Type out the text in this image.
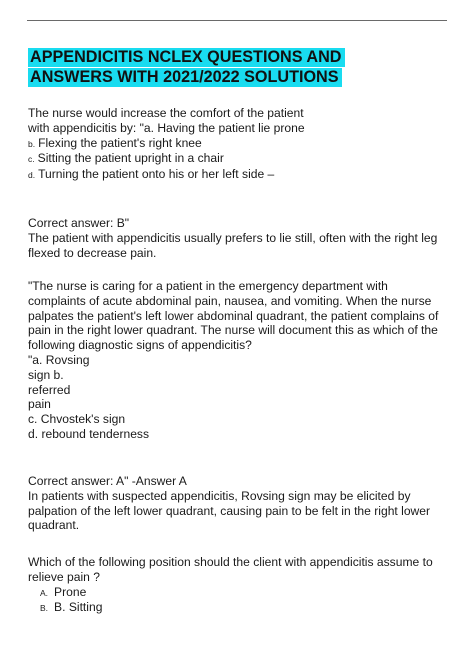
APPENDICITIS NCLEX QUESTIONS AND
ANSWERS WITH 2021/2022 SOLUTIONS
The nurse would increase the comfort of the patient
with appendicitis by: "a. Having the patient lie prone
b. Flexing the patient's right knee
c. Sitting the patient upright in a chair
d. Turning the patient onto his or her left side –
Correct answer: B"
The patient with appendicitis usually prefers to lie still, often with the right leg
flexed to decrease pain.
"The nurse is caring for a patient in the emergency department with
complaints of acute abdominal pain, nausea, and vomiting. When the nurse
palpates the patient's left lower abdominal quadrant, the patient complains of
pain in the right lower quadrant. The nurse will document this as which of the
following diagnostic signs of appendicitis?
"a. Rovsing
sign b.
referred
pain
c. Chvostek's sign
d. rebound tenderness
Correct answer: A" -Answer A
In patients with suspected appendicitis, Rovsing sign may be elicited by
palpation of the left lower quadrant, causing pain to be felt in the right lower
quadrant.
Which of the following position should the client with appendicitis assume to
relieve pain ?
A. Prone
B. B. Sitting
